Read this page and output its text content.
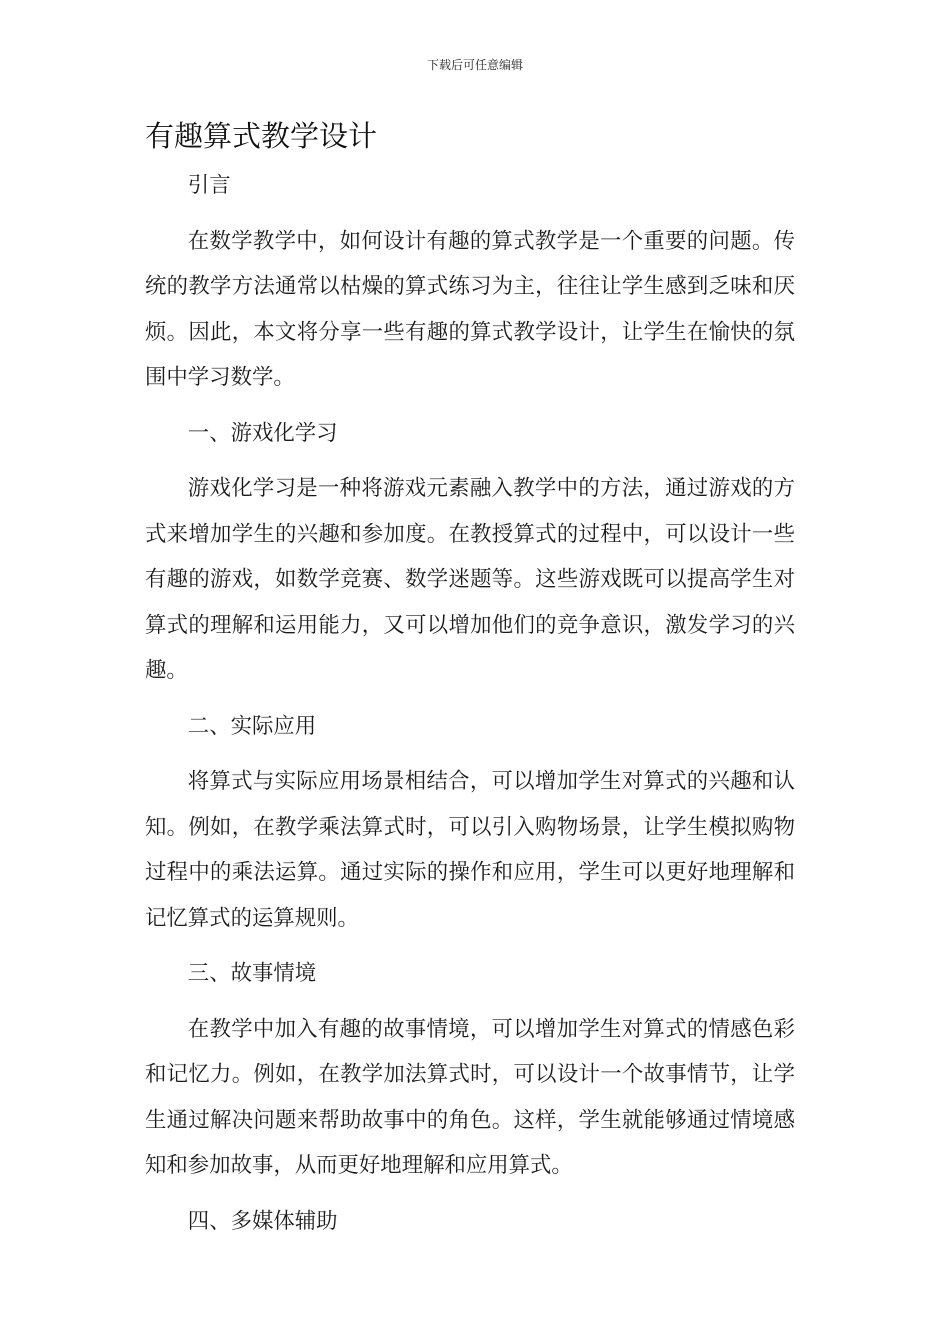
下载后可任意编辑
有趣算式教学设计

引言

在数学教学中，如何设计有趣的算式教学是一个重要的问题。传统的教学方法通常以枯燥的算式练习为主，往往让学生感到乏味和厌烦。因此，本文将分享一些有趣的算式教学设计，让学生在愉快的氛围中学习数学。

一、游戏化学习

游戏化学习是一种将游戏元素融入教学中的方法，通过游戏的方式来增加学生的兴趣和参加度。在教授算式的过程中，可以设计一些有趣的游戏，如数学竞赛、数学迷题等。这些游戏既可以提高学生对算式的理解和运用能力，又可以增加他们的竞争意识，激发学习的兴趣。

二、实际应用

将算式与实际应用场景相结合，可以增加学生对算式的兴趣和认知。例如，在教学乘法算式时，可以引入购物场景，让学生模拟购物过程中的乘法运算。通过实际的操作和应用，学生可以更好地理解和记忆算式的运算规则。

三、故事情境

在教学中加入有趣的故事情境，可以增加学生对算式的情感色彩和记忆力。例如，在教学加法算式时，可以设计一个故事情节，让学生通过解决问题来帮助故事中的角色。这样，学生就能够通过情境感知和参加故事，从而更好地理解和应用算式。

四、多媒体辅助
